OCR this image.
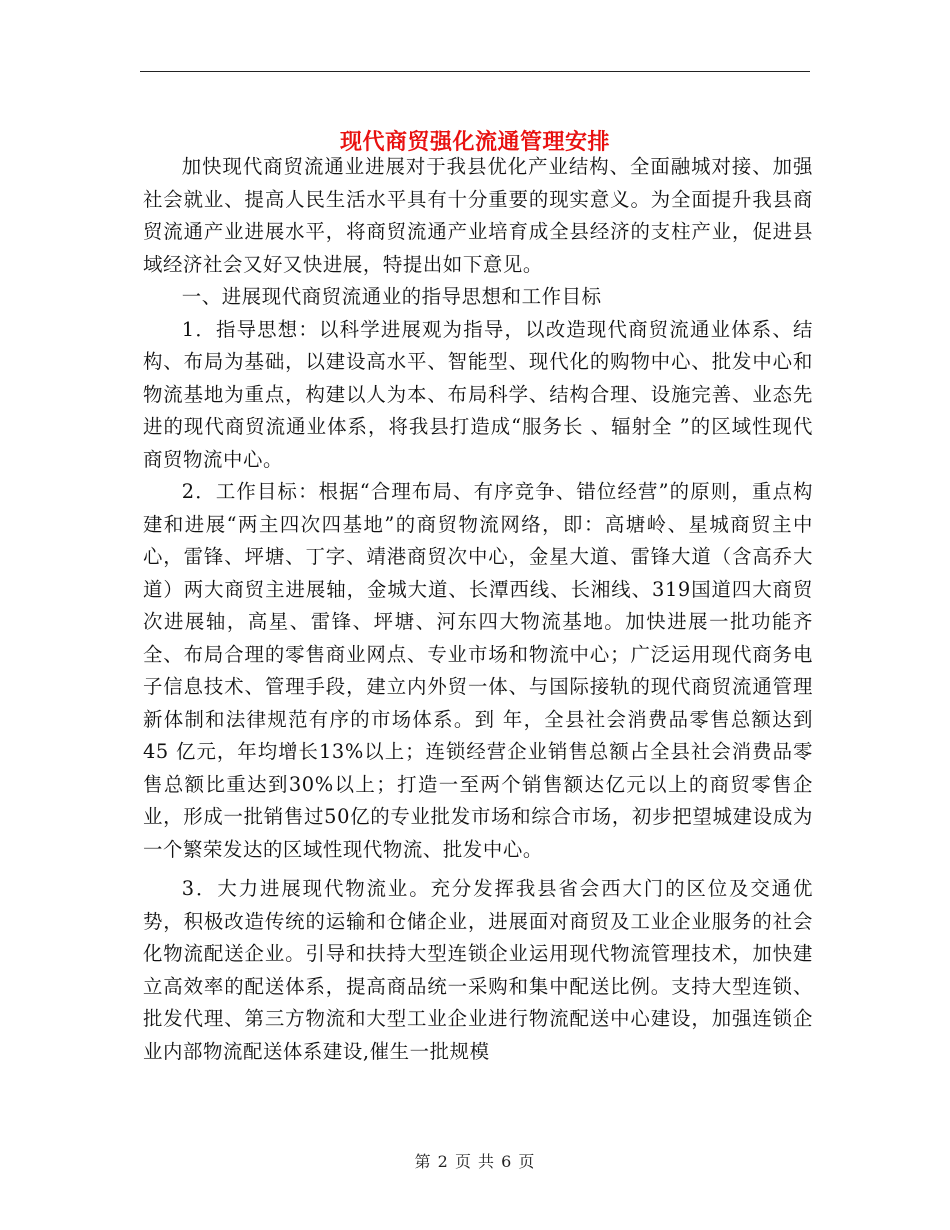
现代商贸强化流通管理安排

加快现代商贸流通业进展对于我县优化产业结构、全面融城对接、加强社会就业、提高人民生活水平具有十分重要的现实意义。为全面提升我县商贸流通产业进展水平，将商贸流通产业培育成全县经济的支柱产业，促进县域经济社会又好又快进展，特提出如下意见。

一、进展现代商贸流通业的指导思想和工作目标

1．指导思想：以科学进展观为指导，以改造现代商贸流通业体系、结构、布局为基础，以建设高水平、智能型、现代化的购物中心、批发中心和物流基地为重点，构建以人为本、布局科学、结构合理、设施完善、业态先进的现代商贸流通业体系，将我县打造成“服务长 、辐射全 ”的区域性现代商贸物流中心。

2．工作目标：根据“合理布局、有序竞争、错位经营”的原则，重点构建和进展“两主四次四基地”的商贸物流网络，即：高塘岭、星城商贸主中心，雷锋、坪塘、丁字、靖港商贸次中心，金星大道、雷锋大道（含高乔大道）两大商贸主进展轴，金城大道、长潭西线、长湘线、319国道四大商贸次进展轴，高星、雷锋、坪塘、河东四大物流基地。加快进展一批功能齐全、布局合理的零售商业网点、专业市场和物流中心；广泛运用现代商务电子信息技术、管理手段，建立内外贸一体、与国际接轨的现代商贸流通管理新体制和法律规范有序的市场体系。到 年，全县社会消费品零售总额达到 45 亿元，年均增长13%以上；连锁经营企业销售总额占全县社会消费品零售总额比重达到30%以上；打造一至两个销售额达亿元以上的商贸零售企业，形成一批销售过50亿的专业批发市场和综合市场，初步把望城建设成为一个繁荣发达的区域性现代物流、批发中心。

3．大力进展现代物流业。充分发挥我县省会西大门的区位及交通优势，积极改造传统的运输和仓储企业，进展面对商贸及工业企业服务的社会化物流配送企业。引导和扶持大型连锁企业运用现代物流管理技术，加快建立高效率的配送体系，提高商品统一采购和集中配送比例。支持大型连锁、批发代理、第三方物流和大型工业企业进行物流配送中心建设，加强连锁企业内部物流配送体系建设,催生一批规模

第 2 页 共 6 页
